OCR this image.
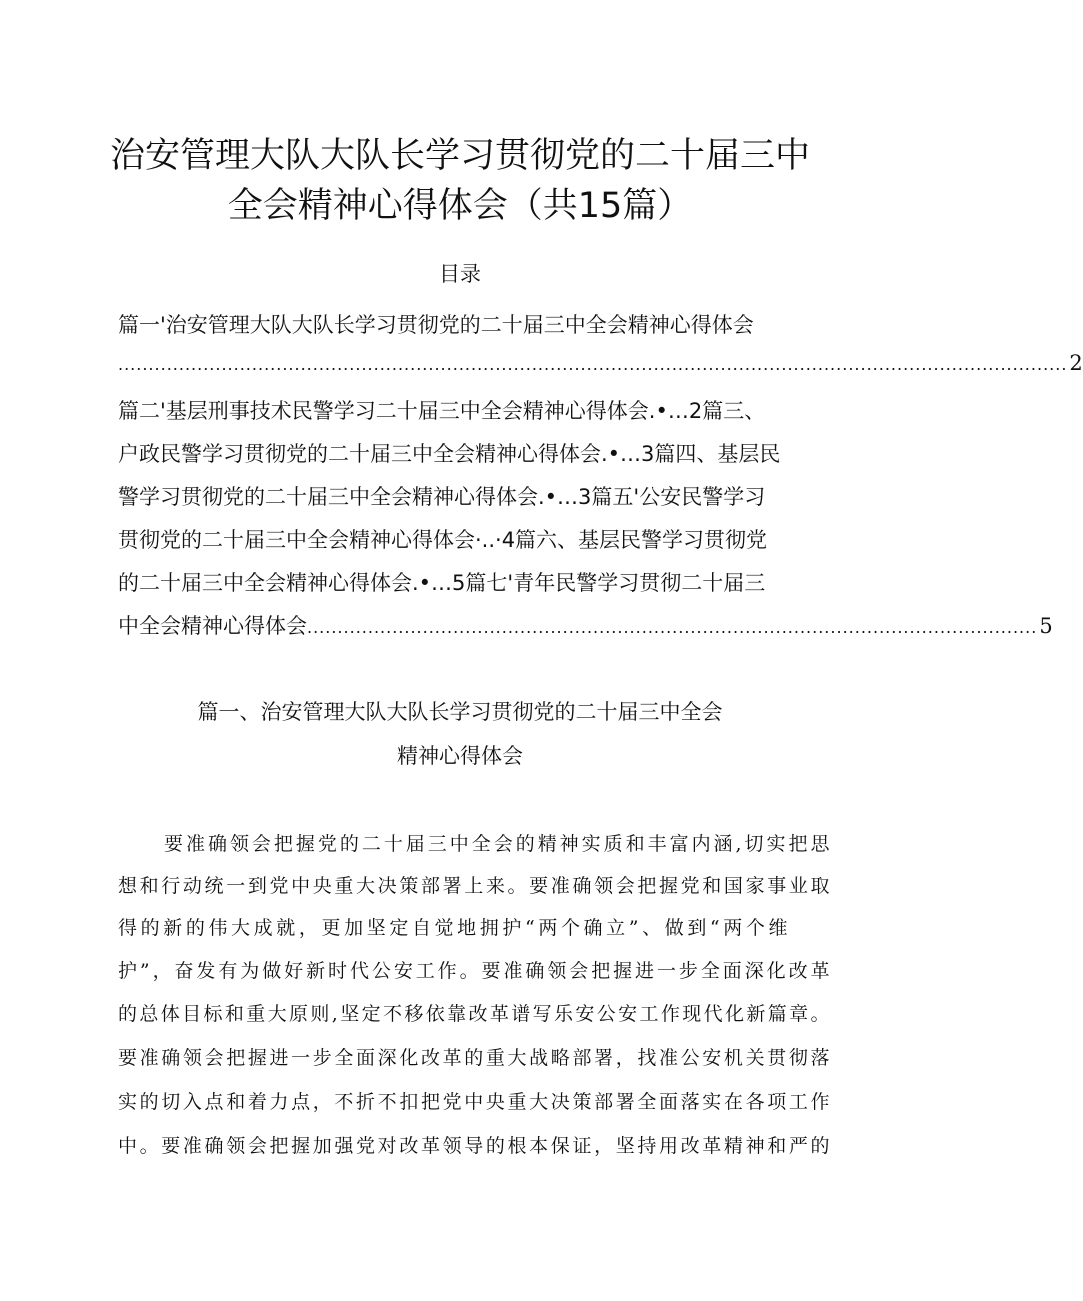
治安管理大队大队长学习贯彻党的二十届三中
全会精神心得体会（共15篇）
目录
篇一'治安管理大队大队长学习贯彻党的二十届三中全会精神心得体会
............................................................................................................................................................ 2
篇二'基层刑事技术民警学习二十届三中全会精神心得体会.•…2篇三、
户政民警学习贯彻党的二十届三中全会精神心得体会.•…3篇四、基层民
警学习贯彻党的二十届三中全会精神心得体会.•…3篇五'公安民警学习
贯彻党的二十届三中全会精神心得体会·..·4篇六、基层民警学习贯彻党
的二十届三中全会精神心得体会.•…5篇七'青年民警学习贯彻二十届三
中全会精神心得体会 ........................................................................................................................ 5
篇一、治安管理大队大队长学习贯彻党的二十届三中全会
精神心得体会
要准确领会把握党的二十届三中全会的精神实质和丰富内涵,切实把思
想和行动统一到党中央重大决策部署上来。要准确领会把握党和国家事业取
得的新的伟大成就，更加坚定自觉地拥护“两个确立”、做到“两个维
护”，奋发有为做好新时代公安工作。要准确领会把握进一步全面深化改革
的总体目标和重大原则,坚定不移依靠改革谱写乐安公安工作现代化新篇章。
要准确领会把握进一步全面深化改革的重大战略部署，找准公安机关贯彻落
实的切入点和着力点，不折不扣把党中央重大决策部署全面落实在各项工作
中。要准确领会把握加强党对改革领导的根本保证，坚持用改革精神和严的
